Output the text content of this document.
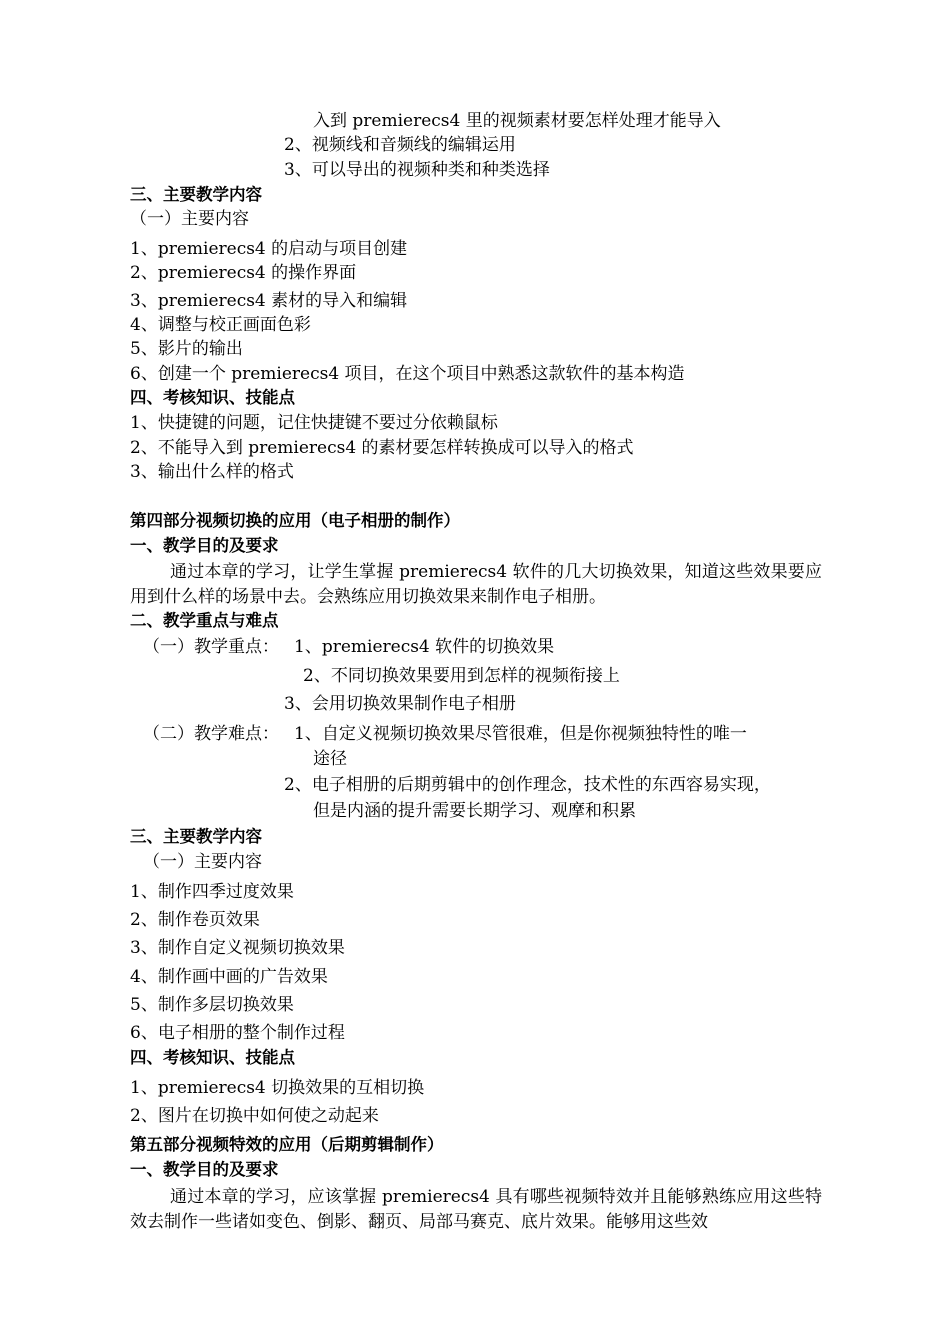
入到 premierecs4 里的视频素材要怎样处理才能导入
2、视频线和音频线的编辑运用
3、可以导出的视频种类和种类选择
三、主要教学内容
（一）主要内容
1、premierecs4 的启动与项目创建
2、premierecs4 的操作界面
3、premierecs4 素材的导入和编辑
4、调整与校正画面色彩
5、影片的输出
6、创建一个 premierecs4 项目，在这个项目中熟悉这款软件的基本构造
四、考核知识、技能点
1、快捷键的问题，记住快捷键不要过分依赖鼠标
2、不能导入到 premierecs4 的素材要怎样转换成可以导入的格式
3、输出什么样的格式
第四部分视频切换的应用（电子相册的制作）
一、教学目的及要求
通过本章的学习，让学生掌握 premierecs4 软件的几大切换效果，知道这些效果要应用到什么样的场景中去。会熟练应用切换效果来制作电子相册。
二、教学重点与难点
（一）教学重点： 1、premierecs4 软件的切换效果
2、不同切换效果要用到怎样的视频衔接上
3、会用切换效果制作电子相册
（二）教学难点： 1、自定义视频切换效果尽管很难，但是你视频独特性的唯一
途径
2、电子相册的后期剪辑中的创作理念，技术性的东西容易实现，
但是内涵的提升需要长期学习、观摩和积累
三、主要教学内容
（一）主要内容
1、制作四季过度效果
2、制作卷页效果
3、制作自定义视频切换效果
4、制作画中画的广告效果
5、制作多层切换效果
6、电子相册的整个制作过程
四、考核知识、技能点
1、premierecs4 切换效果的互相切换
2、图片在切换中如何使之动起来
第五部分视频特效的应用（后期剪辑制作）
一、教学目的及要求
通过本章的学习，应该掌握 premierecs4 具有哪些视频特效并且能够熟练应用这些特效去制作一些诸如变色、倒影、翻页、局部马赛克、底片效果。能够用这些效
